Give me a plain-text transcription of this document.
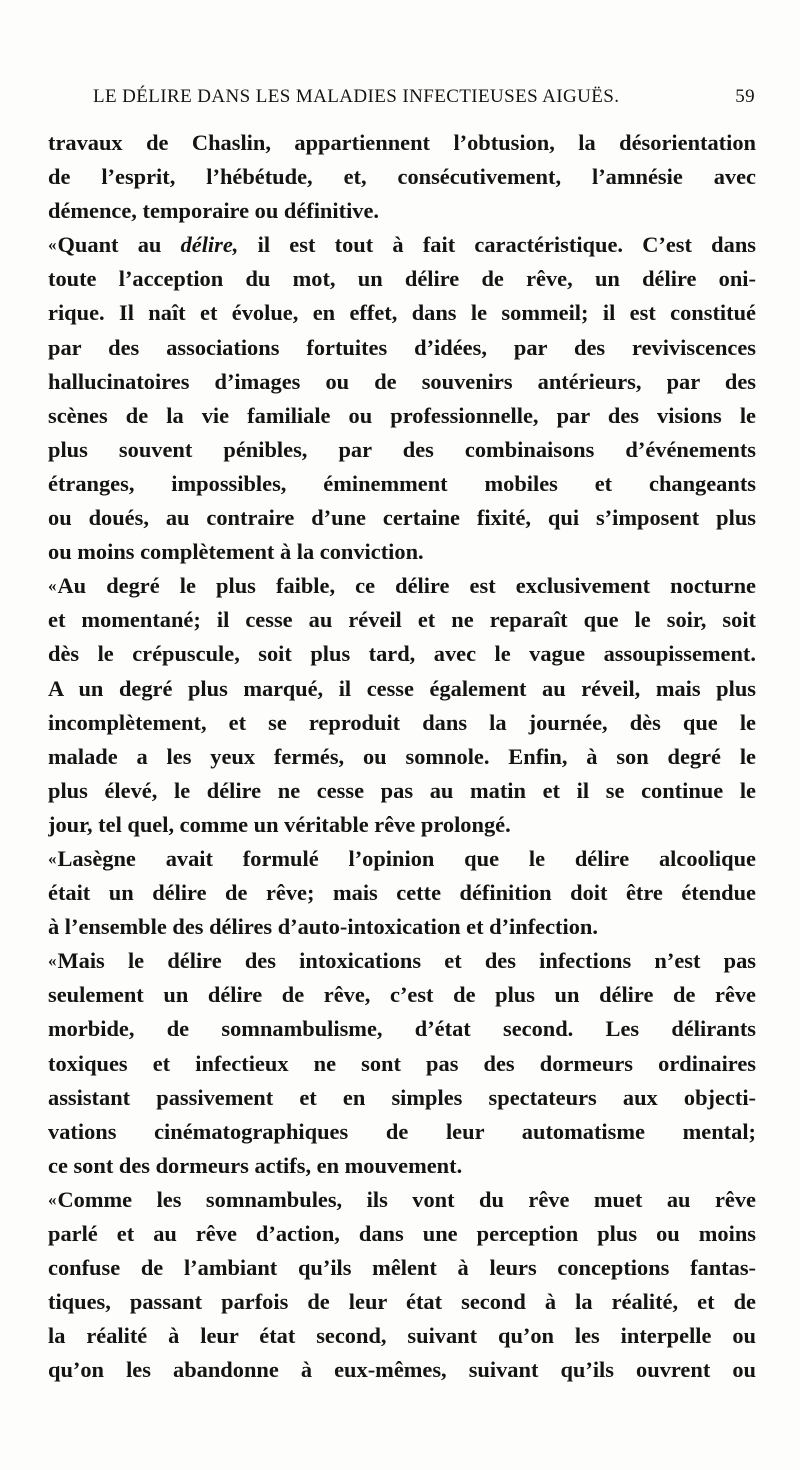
LE DÉLIRE DANS LES MALADIES INFECTIEUSES AIGUËS.	59
travaux de Chaslin, appartiennent l’obtusion, la désorientation
de l’esprit, l’hébétude, et, consécutivement, l’amnésie avec
démence, temporaire ou définitive.
«Quant au délire, il est tout à fait caractéristique. C’est dans
toute l’acception du mot, un délire de rêve, un délire oni-
rique. Il naît et évolue, en effet, dans le sommeil; il est constitué
par des associations fortuites d’idées, par des reviviscences
hallucinatoires d’images ou de souvenirs antérieurs, par des
scènes de la vie familiale ou professionnelle, par des visions le
plus souvent pénibles, par des combinaisons d’événements
étranges, impossibles, éminemment mobiles et changeants
ou doués, au contraire d’une certaine fixité, qui s’imposent plus
ou moins complètement à la conviction.
«Au degré le plus faible, ce délire est exclusivement nocturne
et momentané; il cesse au réveil et ne reparaît que le soir, soit
dès le crépuscule, soit plus tard, avec le vague assoupissement.
A un degré plus marqué, il cesse également au réveil, mais plus
incomplètement, et se reproduit dans la journée, dès que le
malade a les yeux fermés, ou somnole. Enfin, à son degré le
plus élevé, le délire ne cesse pas au matin et il se continue le
jour, tel quel, comme un véritable rêve prolongé.
«Lasègne avait formulé l’opinion que le délire alcoolique
était un délire de rêve; mais cette définition doit être étendue
à l’ensemble des délires d’auto-intoxication et d’infection.
«Mais le délire des intoxications et des infections n’est pas
seulement un délire de rêve, c’est de plus un délire de rêve
morbide, de somnambulisme, d’état second. Les délirants
toxiques et infectieux ne sont pas des dormeurs ordinaires
assistant passivement et en simples spectateurs aux objecti-
vations cinématographiques de leur automatisme mental;
ce sont des dormeurs actifs, en mouvement.
«Comme les somnambules, ils vont du rêve muet au rêve
parlé et au rêve d’action, dans une perception plus ou moins
confuse de l’ambiant qu’ils mêlent à leurs conceptions fantas-
tiques, passant parfois de leur état second à la réalité, et de
la réalité à leur état second, suivant qu’on les interpelle ou
qu’on les abandonne à eux-mêmes, suivant qu’ils ouvrent ou
